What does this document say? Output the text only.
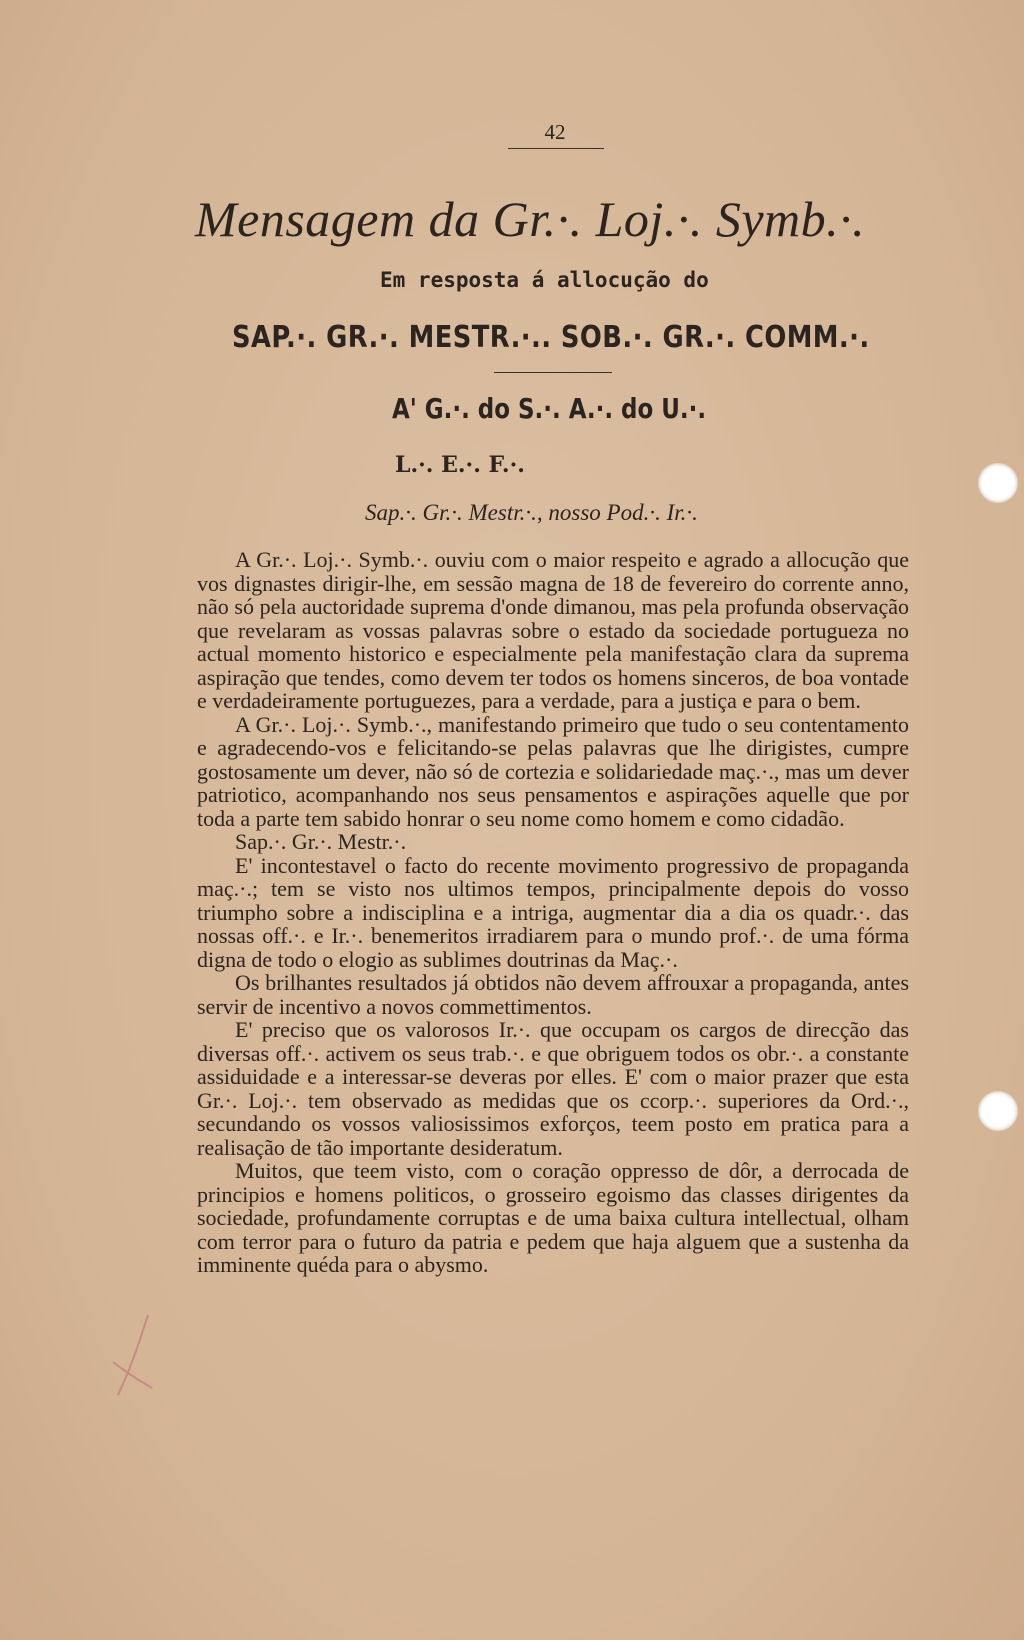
42
Mensagem da Gr.·. Loj.·. Symb.·.
Em resposta á allocução do
SAP.·. GR.·. MESTR.·.. SOB.·. GR.·. COMM.·.
A' G.·. do S.·. A.·. do U.·.
L.·. E.·. F.·.
Sap.·. Gr.·. Mestr.·., nosso Pod.·. Ir.·.

A Gr.·. Loj.·. Symb.·. ouviu com o maior respeito e agrado a allocução que vos dignastes dirigir-lhe, em sessão magna de 18 de fevereiro do corrente anno, não só pela auctoridade suprema d'onde dimanou, mas pela profunda observação que revelaram as vossas palavras sobre o estado da sociedade portugueza no actual momento historico e especialmente pela manifestação clara da suprema aspiração que tendes, como devem ter todos os homens sinceros, de boa vontade e verdadeiramente portuguezes, para a verdade, para a justiça e para o bem.

A Gr.·. Loj.·. Symb.·., manifestando primeiro que tudo o seu contentamento e agradecendo-vos e felicitando-se pelas palavras que lhe dirigistes, cumpre gostosamente um dever, não só de cortezia e solidariedade maç.·., mas um dever patriotico, acompanhando nos seus pensamentos e aspirações aquelle que por toda a parte tem sabido honrar o seu nome como homem e como cidadão.

Sap.·. Gr.·. Mestr.·.

E' incontestavel o facto do recente movimento progressivo de propaganda maç.·.; tem se visto nos ultimos tempos, principalmente depois do vosso triumpho sobre a indisciplina e a intriga, augmentar dia a dia os quadr.·. das nossas off.·. e Ir.·. benemeritos irradiarem para o mundo prof.·. de uma fórma digna de todo o elogio as sublimes doutrinas da Maç.·.

Os brilhantes resultados já obtidos não devem affrouxar a propaganda, antes servir de incentivo a novos commettimentos.

E' preciso que os valorosos Ir.·. que occupam os cargos de direcção das diversas off.·. activem os seus trab.·. e que obriguem todos os obr.·. a constante assiduidade e a interessar-se deveras por elles. E' com o maior prazer que esta Gr.·. Loj.·. tem observado as medidas que os ccorp.·. superiores da Ord.·., secundando os vossos valiosissimos exforços, teem posto em pratica para a realisação de tão importante desideratum.

Muitos, que teem visto, com o coração oppresso de dôr, a derrocada de principios e homens politicos, o grosseiro egoismo das classes dirigentes da sociedade, profundamente corruptas e de uma baixa cultura intellectual, olham com terror para o futuro da patria e pedem que haja alguem que a sustenha da imminente quéda para o abysmo.
